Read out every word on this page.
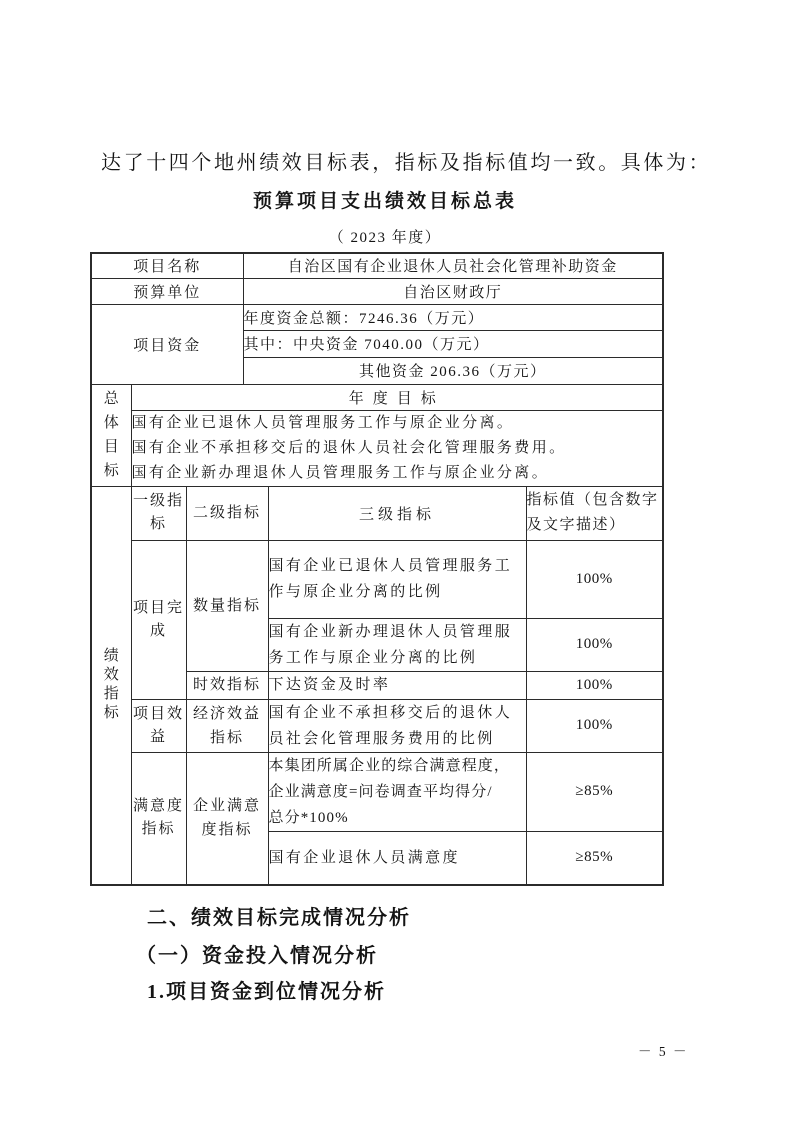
达了十四个地州绩效目标表，指标及指标值均一致。具体为：
预算项目支出绩效目标总表
（ 2023 年度）
项目名称			自治区国有企业退休人员社会化管理补助资金		
预算单位			自治区财政厅		
项目资金			年度资金总额：7246.36（万元）		
			其中：中央资金 7040.00（万元）		
			其他资金 206.36（万元）		
总体目标	年度目标				

	国有企业已退休人员管理服务工作与原企业分离。
国有企业不承担移交后的退休人员社会化管理服务费用。
国有企业新办理退休人员管理服务工作与原企业分离。				

绩效指标	一级指标	二级指标		三级指标	指标值（包含数字及文字描述）
	项目完成	数量指标		国有企业已退休人员管理服务工作与原企业分离的比例	100%
				国有企业新办理退休人员管理服务工作与原企业分离的比例	100%
		时效指标		下达资金及时率	100%
	项目效益	经济效益指标		国有企业不承担移交后的退休人员社会化管理服务费用的比例	100%
	满意度指标	企业满意度指标		本集团所属企业的综合满意程度，
企业满意度=问卷调查平均得分/
总分*100%	≥85%
				国有企业退休人员满意度	≥85%
二、绩效目标完成情况分析
（一）资金投入情况分析
1.项目资金到位情况分析
－ 5 －
